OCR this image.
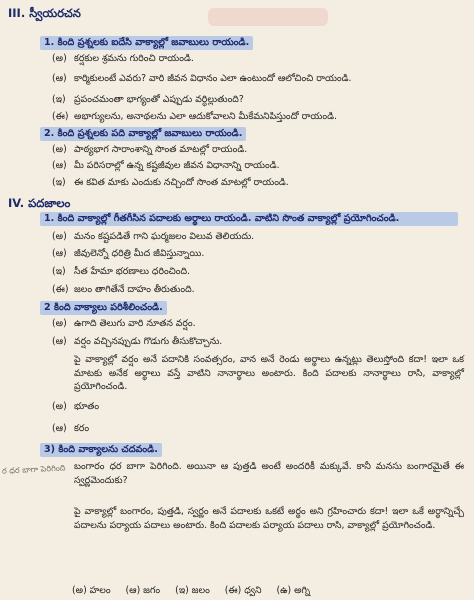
III. స్వీయరచన
1. కింది ప్రశ్నలకు ఐదేసి వాక్యాల్లో జవాబులు రాయండి.
(అ) కర్షకుల శ్రమను గురించి రాయండి.
(ఆ) కార్మికులంటే ఎవరు? వారి జీవన విధానం ఎలా ఉంటుందో ఆలోచించి రాయండి.
(ఇ) ప్రపంచమంతా భాగ్యంతో ఎప్పుడు వర్ధిల్లుతుంది?
(ఈ) అభాగ్యులను, అనాథలను ఎలా ఆదుకోవాలని మీకేమనిపిస్తుందో రాయండి.
2. కింది ప్రశ్నలకు పది వాక్యాల్లో జవాబులు రాయండి.
(అ) పాఠ్యభాగ సారాంశాన్ని సొంత మాటల్లో రాయండి.
(ఆ) మీ పరిసరాల్లో ఉన్న కష్టజీవుల జీవన విధానాన్ని రాయండి.
(ఇ) ఈ కవిత మాకు ఎందుకు నచ్చిందో సొంత మాటల్లో రాయండి.
IV. పదజాలం
1. కింది వాక్యాల్లో గీతగీసిన పదాలకు అర్థాలు రాయండి. వాటిని సొంత వాక్యాల్లో ప్రయోగించండి.
(అ) మనం కష్టపడితే గాని ఘర్మజలం విలువ తెలియదు.
(ఆ) జీవులెన్నో ధరిత్రి మీద జీవిస్తున్నాయి.
(ఇ) సీత హేమా భరణాలు ధరించింది.
(ఈ) జలం తాగితేనే దాహం తీరుతుంది.
2 కింది వాక్యాలు పరిశీలించండి.
(అ) ఉగాది తెలుగు వారి నూతన వర్షం.
(ఆ) వర్షం వచ్చినప్పుడు గొడుగు తీసుకొచ్చాను.
పై వాక్యాల్లో వర్షం అనే పదానికి సంవత్సరం, వాన అనే రెండు అర్థాలు ఉన్నట్లు తెలుస్తోంది కదా! ఇలా ఒక మాటకు అనేక అర్థాలు వస్తే వాటిని నానార్థాలు అంటారు. కింది పదాలకు నానార్థాలు రాసి, వాక్యాల్లో ప్రయోగించండి.
(అ) భూతం
(ఆ) కరం
3) కింది వాక్యాలను చదవండి.
ర ధర బాగా పెరిగింది బంగారం ధర బాగా పెరిగింది. అయినా ఆ పుత్తడి అంటే అందరికీ మక్కువే. కానీ మనసు బంగారమైతే ఈ స్వర్ణమెందుకు?
పై వాక్యాల్లో బంగారం, పుత్తడి, స్వర్ణం అనే పదాలకు ఒకటే అర్థం అని గ్రహించారు కదా! ఇలా ఒకే అర్థాన్నిచ్చే పదాలను పర్యాయ పదాలు అంటారు. కింది పదాలకు పర్యాయ పదాలు రాసి, వాక్యాల్లో ప్రయోగించండి.
(అ) హలం (ఆ) జగం (ఇ) జలం (ఈ) ధ్వని (ఉ) అగ్ని
